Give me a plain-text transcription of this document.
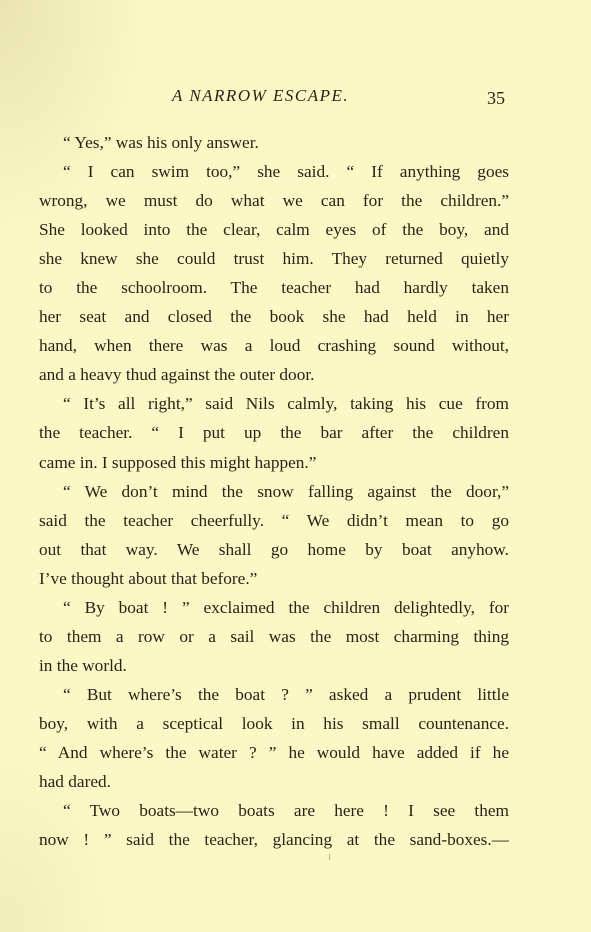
A NARROW ESCAPE.	35
“ Yes,” was his only answer.
“ I can swim too,” she said. “ If anything goes
wrong, we must do what we can for the children.”
She looked into the clear, calm eyes of the boy, and
she knew she could trust him. They returned quietly
to the schoolroom. The teacher had hardly taken
her seat and closed the book she had held in her
hand, when there was a loud crashing sound without,
and a heavy thud against the outer door.
“ It’s all right,” said Nils calmly, taking his cue from
the teacher. “ I put up the bar after the children
came in. I supposed this might happen.”
“ We don’t mind the snow falling against the door,”
said the teacher cheerfully. “ We didn’t mean to go
out that way. We shall go home by boat anyhow.
I’ve thought about that before.”
“ By boat ! ” exclaimed the children delightedly, for
to them a row or a sail was the most charming thing
in the world.
“ But where’s the boat ? ” asked a prudent little
boy, with a sceptical look in his small countenance.
“ And where’s the water ? ” he would have added if he
had dared.
“ Two boats—two boats are here ! I see them
now ! ” said the teacher, glancing at the sand-boxes.—
